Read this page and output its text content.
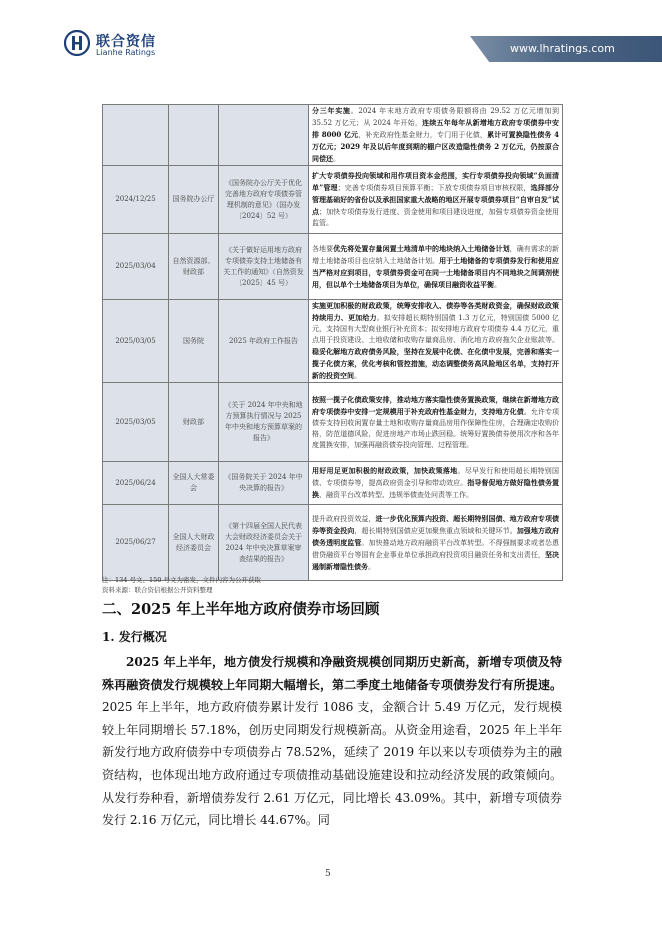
联合资信
Lianhe Ratings	www.lhratings.com
			分三年实施。2024 年末地方政府专项债务限额将由 29.52 万亿元增加到 35.52 万亿元；从 2024 年开始，连续五年每年从新增地方政府专项债券中安排 8000 亿元，补充政府性基金财力，专门用于化债，累计可置换隐性债务 4 万亿元；2029 年及以后年度到期的棚户区改造隐性债务 2 万亿元，仍按原合同偿还。
2024/12/25	国务院办公厅	《国务院办公厅关于优化完善地方政府专项债券管理机制的意见》（国办发〔2024〕52 号）	扩大专项债券投向领域和用作项目资本金范围，实行专项债券投向领域“负面清单”管理；完善专项债券项目预算平衡；下放专项债券项目审核权限，选择部分管理基础好的省份以及承担国家重大战略的地区开展专项债券项目“自审自发”试点；加快专项债券发行进度、资金使用和项目建设进度，加强专项债券资金使用监管。
2025/03/04	自然资源部、财政部	《关于做好运用地方政府专项债券支持土地储备有关工作的通知》（自然资发〔2025〕45 号）	各地要优先将处置存量闲置土地清单中的地块纳入土地储备计划，确有需求的新增土地储备项目也应纳入土地储备计划。用于土地储备的专项债券发行和使用应当严格对应到项目，专项债券资金可在同一土地储备项目内不同地块之间调剂使用，但以单个土地储备项目为单位，确保项目融资收益平衡。
2025/03/05	国务院	2025 年政府工作报告	实施更加积极的财政政策，统筹安排收入、债券等各类财政资金，确保财政政策持续用力、更加给力。拟安排超长期特别国债 1.3 万亿元，特别国债 5000 亿元，支持国有大型商业银行补充资本；拟安排地方政府专项债券 4.4 万亿元，重点用于投资建设、土地收储和收购存量商品房、消化地方政府拖欠企业账款等。稳妥化解地方政府债务风险，坚持在发展中化债、在化债中发展，完善和落实一揽子化债方案，优化考核和管控措施，动态调整债务高风险地区名单，支持打开新的投资空间。
2025/03/05	财政部	《关于 2024 年中央和地方预算执行情况与 2025 年中央和地方预算草案的报告》	按照一揽子化债政策安排，推动地方落实隐性债务置换政策，继续在新增地方政府专项债券中安排一定规模用于补充政府性基金财力，支持地方化债。允许专项债券支持回收闲置存量土地和收购存量商品房用作保障性住房，合理确定收购价格，防范道德风险，促进房地产市场止跌回稳。统筹好置换债券使用次序和各年度置换安排，加强再融资债券投向管理、过程管理。
2025/06/24	全国人大常委会	《国务院关于 2024 年中央决算的报告》	用好用足更加积极的财政政策，加快政策落地。尽早发行和使用超长期特别国债、专项债券等，提高政府资金引导和带动效应。指导督促地方做好隐性债务置换、融资平台改革转型、违规举债查处问责等工作。
2025/06/27	全国人大财政经济委员会	《第十四届全国人民代表大会财政经济委员会关于 2024 年中央决算草案审查结果的报告》	提升政府投资效益，进一步优化预算内投资、超长期特别国债、地方政府专项债券等资金投向，超长期特别国债应更加聚焦重点领域和关键环节。加强地方政府债务透明度监管。加快推动地方政府融资平台改革转型。不得强制要求或者怂恿借贷融资平台等国有企业事业单位承担政府投资项目融资任务和支出责任，坚决遏制新增隐性债务。
注：134 号文、150 号文为密发，文件内容为公开获取
资料来源：联合资信根据公开资料整理
二、2025 年上半年地方政府债券市场回顾
1. 发行概况
2025 年上半年，地方债发行规模和净融资规模创同期历史新高，新增专项债及特殊再融资债发行规模较上年同期大幅增长，第二季度土地储备专项债券发行有所提速。2025 年上半年，地方政府债券累计发行 1086 支，金额合计 5.49 万亿元，发行规模较上年同期增长 57.18%，创历史同期发行规模新高。从资金用途看，2025 年上半年新发行地方政府债券中专项债券占 78.52%，延续了 2019 年以来以专项债券为主的融资结构，也体现出地方政府通过专项债推动基础设施建设和拉动经济发展的政策倾向。从发行券种看，新增债券发行 2.61 万亿元，同比增长 43.09%。其中，新增专项债券发行 2.16 万亿元，同比增长 44.67%。同
5
